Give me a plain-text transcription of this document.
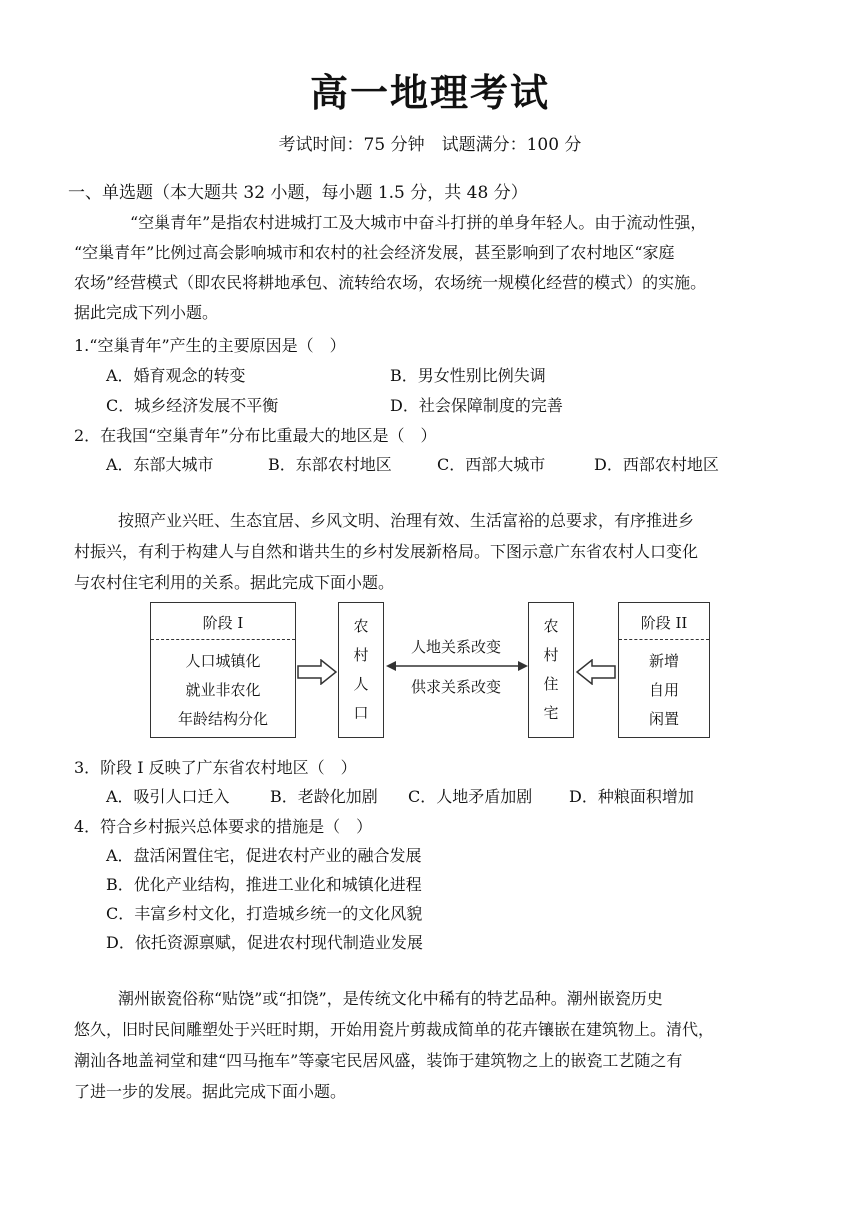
高一地理考试
考试时间：75 分钟　试题满分：100 分
一、单选题（本大题共 32 小题，每小题 1.5 分，共 48 分）
“空巢青年”是指农村进城打工及大城市中奋斗打拼的单身年轻人。由于流动性强，
“空巢青年”比例过高会影响城市和农村的社会经济发展，甚至影响到了农村地区“家庭
农场”经营模式（即农民将耕地承包、流转给农场，农场统一规模化经营的模式）的实施。
据此完成下列小题。
1.“空巢青年”产生的主要原因是（　）
A．婚育观念的转变	B．男女性别比例失调
C．城乡经济发展不平衡	D．社会保障制度的完善
2．在我国“空巢青年”分布比重最大的地区是（　）
A．东部大城市	B．东部农村地区	C．西部大城市	D．西部农村地区
按照产业兴旺、生态宜居、乡风文明、治理有效、生活富裕的总要求，有序推进乡
村振兴，有利于构建人与自然和谐共生的乡村发展新格局。下图示意广东省农村人口变化
与农村住宅利用的关系。据此完成下面小题。
阶段 I
人口城镇化
就业非农化
年龄结构分化
农
村
人
口
人地关系改变
供求关系改变
农
村
住
宅
阶段 II
新增
自用
闲置
3．阶段 I 反映了广东省农村地区（　）
A．吸引人口迁入	B．老龄化加剧 C．人地矛盾加剧 D．种粮面积增加
4．符合乡村振兴总体要求的措施是（　）
A．盘活闲置住宅，促进农村产业的融合发展
B．优化产业结构，推进工业化和城镇化进程
C．丰富乡村文化，打造城乡统一的文化风貌
D．依托资源禀赋，促进农村现代制造业发展
潮州嵌瓷俗称“贴饶”或“扣饶”，是传统文化中稀有的特艺品种。潮州嵌瓷历史
悠久，旧时民间雕塑处于兴旺时期，开始用瓷片剪裁成简单的花卉镶嵌在建筑物上。清代，
潮汕各地盖祠堂和建“四马拖车”等豪宅民居风盛，装饰于建筑物之上的嵌瓷工艺随之有
了进一步的发展。据此完成下面小题。
